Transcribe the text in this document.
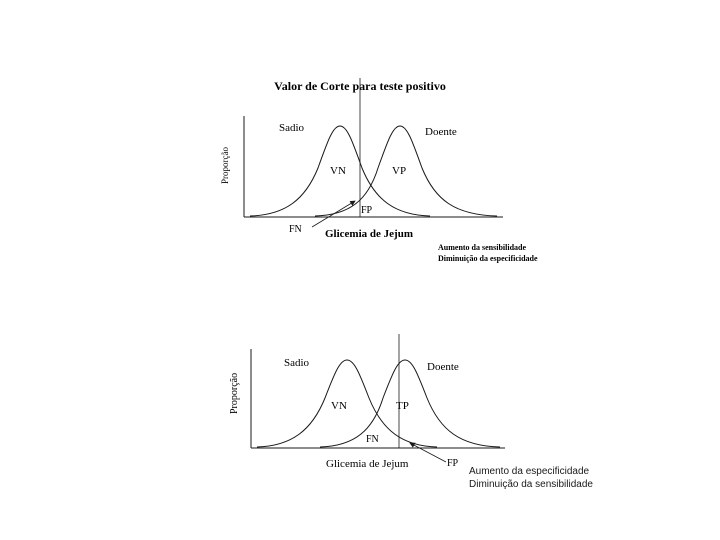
Valor de Corte para teste positivo
Sadio	Doente
VN	VP
FP
FN Glicemia de Jejum
Proporção
Aumento da sensibilidade
Diminuição da especificidade
Sadio	Doente
VN	TP
FN
FP
Glicemia de Jejum
Proporção
Aumento da especificidade
Diminuição da sensibilidade
